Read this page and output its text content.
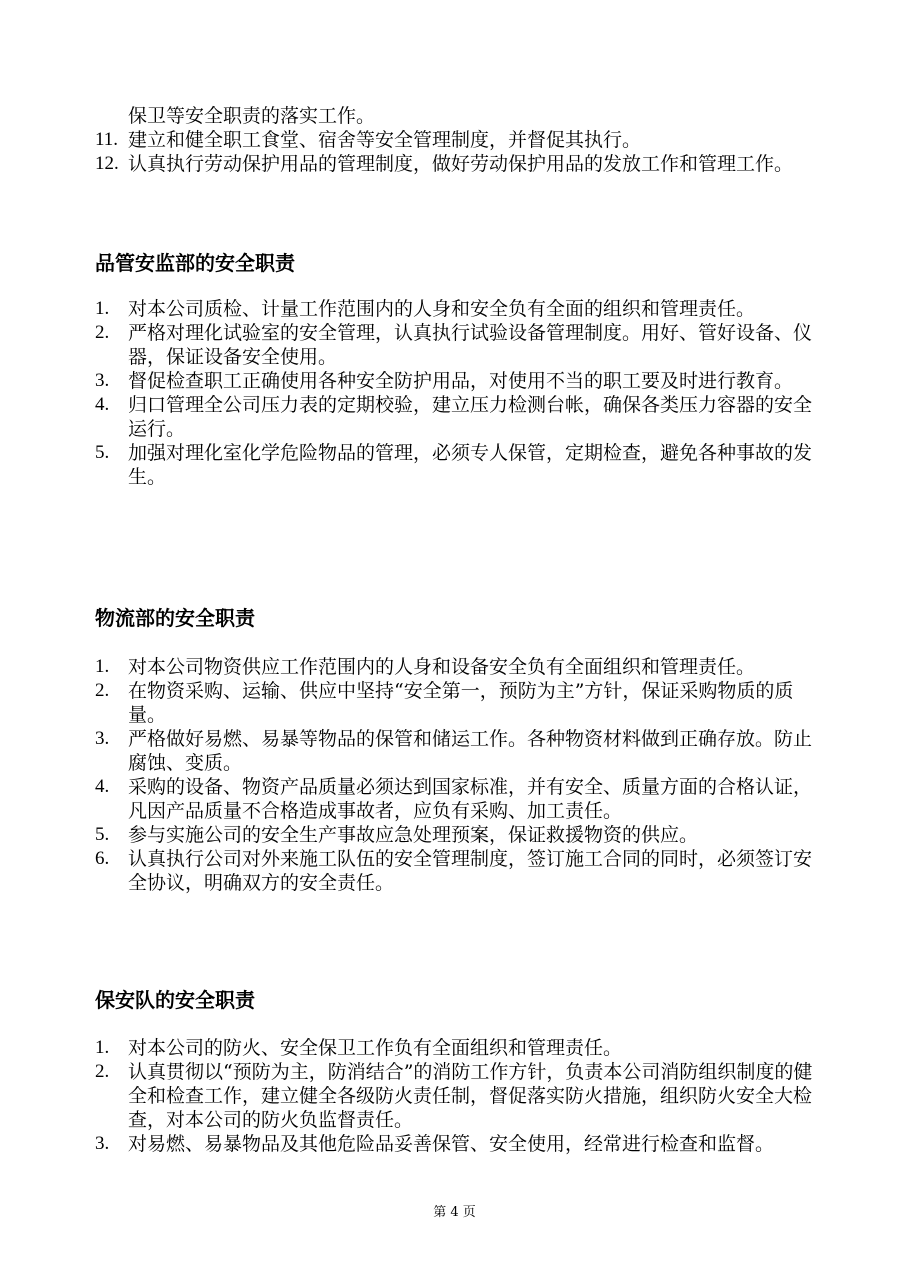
保卫等安全职责的落实工作。
11. 建立和健全职工食堂、宿舍等安全管理制度，并督促其执行。
12. 认真执行劳动保护用品的管理制度，做好劳动保护用品的发放工作和管理工作。
品管安监部的安全职责
1. 对本公司质检、计量工作范围内的人身和安全负有全面的组织和管理责任。
2. 严格对理化试验室的安全管理，认真执行试验设备管理制度。用好、管好设备、仪器，保证设备安全使用。
3. 督促检查职工正确使用各种安全防护用品，对使用不当的职工要及时进行教育。
4. 归口管理全公司压力表的定期校验，建立压力检测台帐，确保各类压力容器的安全运行。
5. 加强对理化室化学危险物品的管理，必须专人保管，定期检查，避免各种事故的发生。
物流部的安全职责
1. 对本公司物资供应工作范围内的人身和设备安全负有全面组织和管理责任。
2. 在物资采购、运输、供应中坚持“安全第一，预防为主”方针，保证采购物质的质量。
3. 严格做好易燃、易暴等物品的保管和储运工作。各种物资材料做到正确存放。防止腐蚀、变质。
4. 采购的设备、物资产品质量必须达到国家标准，并有安全、质量方面的合格认证，凡因产品质量不合格造成事故者，应负有采购、加工责任。
5. 参与实施公司的安全生产事故应急处理预案，保证救援物资的供应。
6. 认真执行公司对外来施工队伍的安全管理制度，签订施工合同的同时，必须签订安全协议，明确双方的安全责任。
保安队的安全职责
1. 对本公司的防火、安全保卫工作负有全面组织和管理责任。
2. 认真贯彻以“预防为主，防消结合”的消防工作方针，负责本公司消防组织制度的健全和检查工作，建立健全各级防火责任制，督促落实防火措施，组织防火安全大检查，对本公司的防火负监督责任。
3. 对易燃、易暴物品及其他危险品妥善保管、安全使用，经常进行检查和监督。
第 4 页
